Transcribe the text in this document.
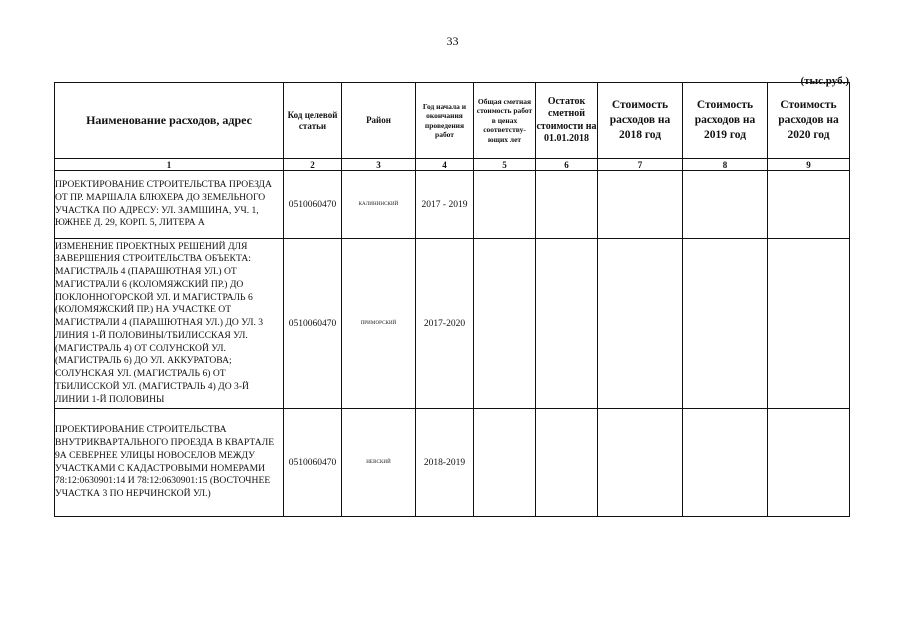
33
(тыс.руб.)
Наименование расходов, адрес	Код целевой статьи	Район	Год начала и окончания проведения работ	Общая сметная стоимость работ в ценах соответству-ющих лет	Остаток сметной стоимости на 01.01.2018	Стоимость расходов на 2018 год	Стоимость расходов на 2019 год	Стоимость расходов на 2020 год
1	2	3	4	5	6	7	8	9
ПРОЕКТИРОВАНИЕ СТРОИТЕЛЬСТВА ПРОЕЗДА ОТ ПР. МАРШАЛА БЛЮХЕРА ДО ЗЕМЕЛЬНОГО УЧАСТКА ПО АДРЕСУ: УЛ. ЗАМШИНА, УЧ. 1, ЮЖНЕЕ Д. 29, КОРП. 5, ЛИТЕРА А	0510060470	КАЛИНИНСКИЙ	2017 - 2019					
ИЗМЕНЕНИЕ ПРОЕКТНЫХ РЕШЕНИЙ ДЛЯ ЗАВЕРШЕНИЯ СТРОИТЕЛЬСТВА ОБЪЕКТА: МАГИСТРАЛЬ 4 (ПАРАШЮТНАЯ УЛ.) ОТ МАГИСТРАЛИ 6 (КОЛОМЯЖСКИЙ ПР.) ДО ПОКЛОННОГОРСКОЙ УЛ. И МАГИСТРАЛЬ 6 (КОЛОМЯЖСКИЙ ПР.) НА УЧАСТКЕ ОТ МАГИСТРАЛИ 4 (ПАРАШЮТНАЯ УЛ.) ДО УЛ. 3 ЛИНИЯ 1-Й ПОЛОВИНЫ/ТБИЛИССКАЯ УЛ. (МАГИСТРАЛЬ 4) ОТ СОЛУНСКОЙ УЛ. (МАГИСТРАЛЬ 6) ДО УЛ. АККУРАТОВА; СОЛУНСКАЯ УЛ. (МАГИСТРАЛЬ 6) ОТ ТБИЛИССКОЙ УЛ. (МАГИСТРАЛЬ 4) ДО 3-Й ЛИНИИ 1-Й ПОЛОВИНЫ	0510060470	ПРИМОРСКИЙ	2017-2020					
ПРОЕКТИРОВАНИЕ СТРОИТЕЛЬСТВА ВНУТРИКВАРТАЛЬНОГО ПРОЕЗДА В КВАРТАЛЕ 9А СЕВЕРНЕЕ УЛИЦЫ НОВОСЕЛОВ МЕЖДУ УЧАСТКАМИ С КАДАСТРОВЫМИ НОМЕРАМИ 78:12:0630901:14 И 78:12:0630901:15 (ВОСТОЧНЕЕ УЧАСТКА 3 ПО НЕРЧИНСКОЙ УЛ.)	0510060470	НЕВСКИЙ	2018-2019					
